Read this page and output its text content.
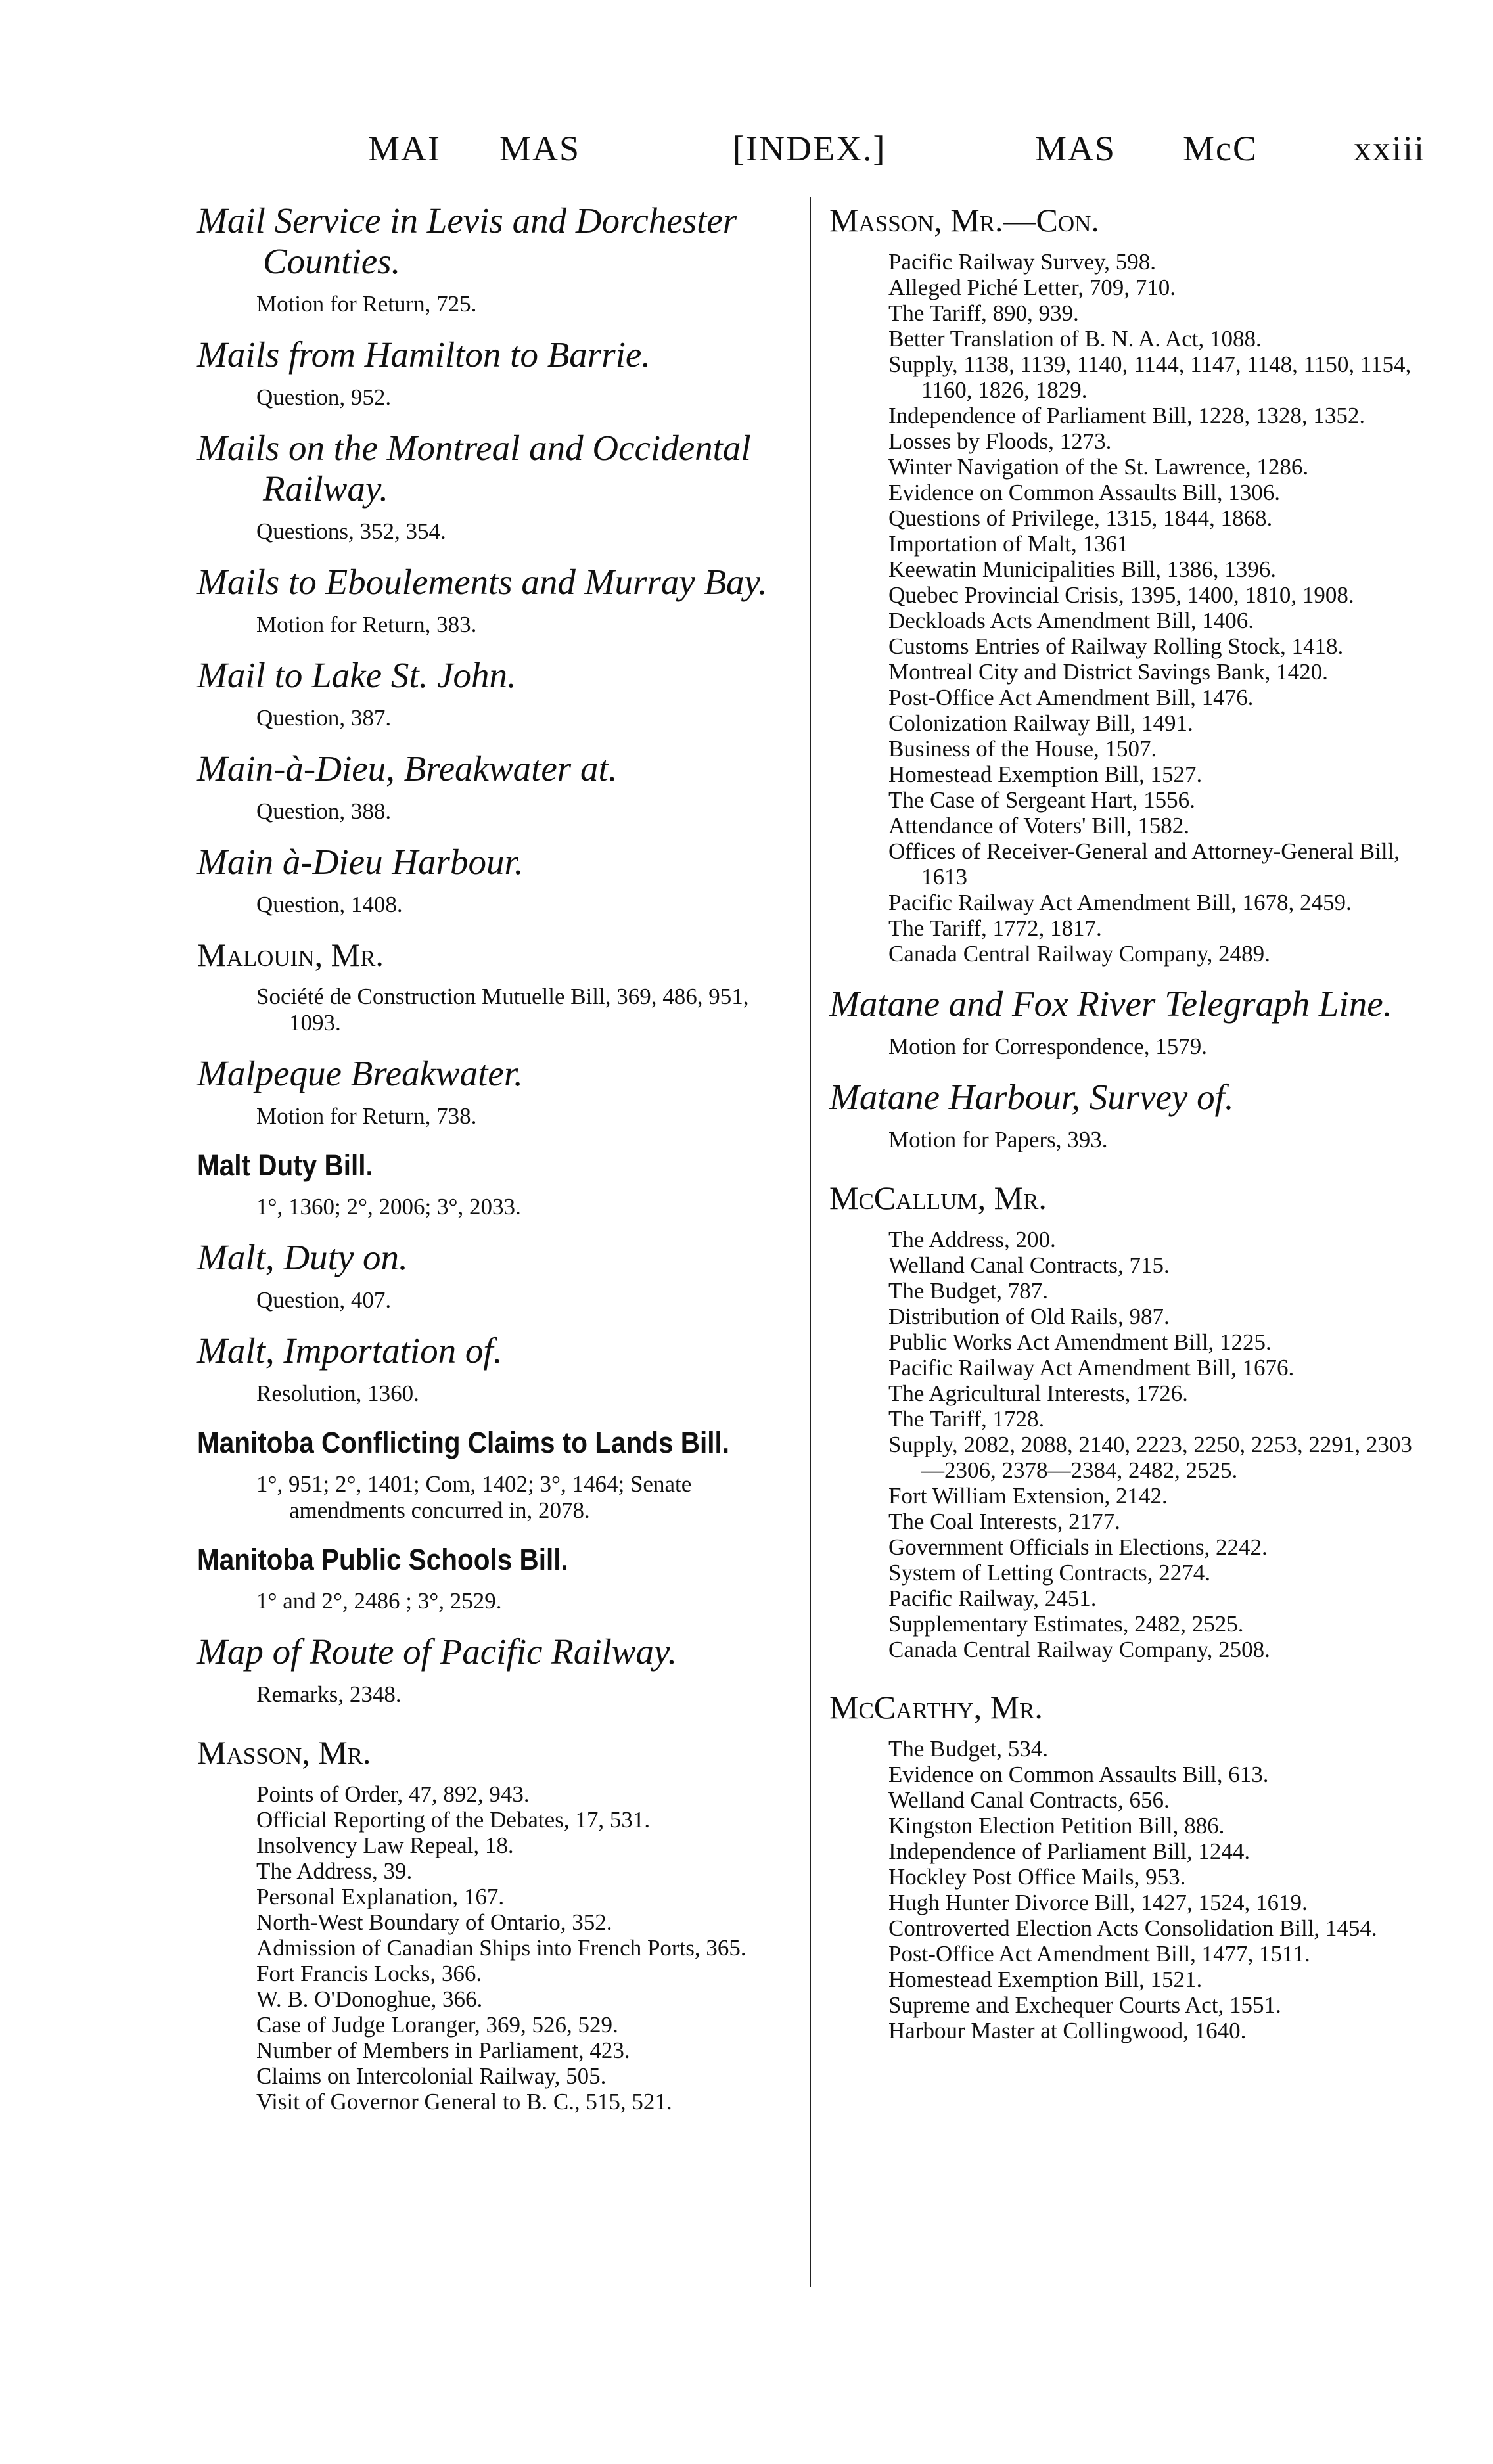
MAI MAS	[INDEX.]	MAS McC	xxiii
Mail Service in Levis and Dorchester Counties.
Motion for Return, 725.
Mails from Hamilton to Barrie.
Question, 952.
Mails on the Montreal and Occidental Railway.
Questions, 352, 354.
Mails to Eboulements and Murray Bay.
Motion for Return, 383.
Mail to Lake St. John.
Question, 387.
Main-à-Dieu, Breakwater at.
Question, 388.
Main à-Dieu Harbour.
Question, 1408.
Malouin, Mr.
Société de Construction Mutuelle Bill, 369, 486, 951, 1093.
Malpeque Breakwater.
Motion for Return, 738.
Malt Duty Bill.
1°, 1360; 2°, 2006; 3°, 2033.
Malt, Duty on.
Question, 407.
Malt, Importation of.
Resolution, 1360.
Manitoba Conflicting Claims to Lands Bill.
1°, 951; 2°, 1401; Com, 1402; 3°, 1464; Senate amendments concurred in, 2078.
Manitoba Public Schools Bill.
1° and 2°, 2486 ; 3°, 2529.
Map of Route of Pacific Railway.
Remarks, 2348.
Masson, Mr.
Points of Order, 47, 892, 943.
Official Reporting of the Debates, 17, 531.
Insolvency Law Repeal, 18.
The Address, 39.
Personal Explanation, 167.
North-West Boundary of Ontario, 352.
Admission of Canadian Ships into French Ports, 365.
Fort Francis Locks, 366.
W. B. O'Donoghue, 366.
Case of Judge Loranger, 369, 526, 529.
Number of Members in Parliament, 423.
Claims on Intercolonial Railway, 505.
Visit of Governor General to B. C., 515, 521.
Masson, Mr.—Con.
Pacific Railway Survey, 598.
Alleged Piché Letter, 709, 710.
The Tariff, 890, 939.
Better Translation of B. N. A. Act, 1088.
Supply, 1138, 1139, 1140, 1144, 1147, 1148, 1150, 1154, 1160, 1826, 1829.
Independence of Parliament Bill, 1228, 1328, 1352.
Losses by Floods, 1273.
Winter Navigation of the St. Lawrence, 1286.
Evidence on Common Assaults Bill, 1306.
Questions of Privilege, 1315, 1844, 1868.
Importation of Malt, 1361
Keewatin Municipalities Bill, 1386, 1396.
Quebec Provincial Crisis, 1395, 1400, 1810, 1908.
Deckloads Acts Amendment Bill, 1406.
Customs Entries of Railway Rolling Stock, 1418.
Montreal City and District Savings Bank, 1420.
Post-Office Act Amendment Bill, 1476.
Colonization Railway Bill, 1491.
Business of the House, 1507.
Homestead Exemption Bill, 1527.
The Case of Sergeant Hart, 1556.
Attendance of Voters' Bill, 1582.
Offices of Receiver-General and Attorney-General Bill, 1613
Pacific Railway Act Amendment Bill, 1678, 2459.
The Tariff, 1772, 1817.
Canada Central Railway Company, 2489.
Matane and Fox River Telegraph Line.
Motion for Correspondence, 1579.
Matane Harbour, Survey of.
Motion for Papers, 393.
McCallum, Mr.
The Address, 200.
Welland Canal Contracts, 715.
The Budget, 787.
Distribution of Old Rails, 987.
Public Works Act Amendment Bill, 1225.
Pacific Railway Act Amendment Bill, 1676.
The Agricultural Interests, 1726.
The Tariff, 1728.
Supply, 2082, 2088, 2140, 2223, 2250, 2253, 2291, 2303—2306, 2378—2384, 2482, 2525.
Fort William Extension, 2142.
The Coal Interests, 2177.
Government Officials in Elections, 2242.
System of Letting Contracts, 2274.
Pacific Railway, 2451.
Supplementary Estimates, 2482, 2525.
Canada Central Railway Company, 2508.
McCarthy, Mr.
The Budget, 534.
Evidence on Common Assaults Bill, 613.
Welland Canal Contracts, 656.
Kingston Election Petition Bill, 886.
Independence of Parliament Bill, 1244.
Hockley Post Office Mails, 953.
Hugh Hunter Divorce Bill, 1427, 1524, 1619.
Controverted Election Acts Consolidation Bill, 1454.
Post-Office Act Amendment Bill, 1477, 1511.
Homestead Exemption Bill, 1521.
Supreme and Exchequer Courts Act, 1551.
Harbour Master at Collingwood, 1640.
